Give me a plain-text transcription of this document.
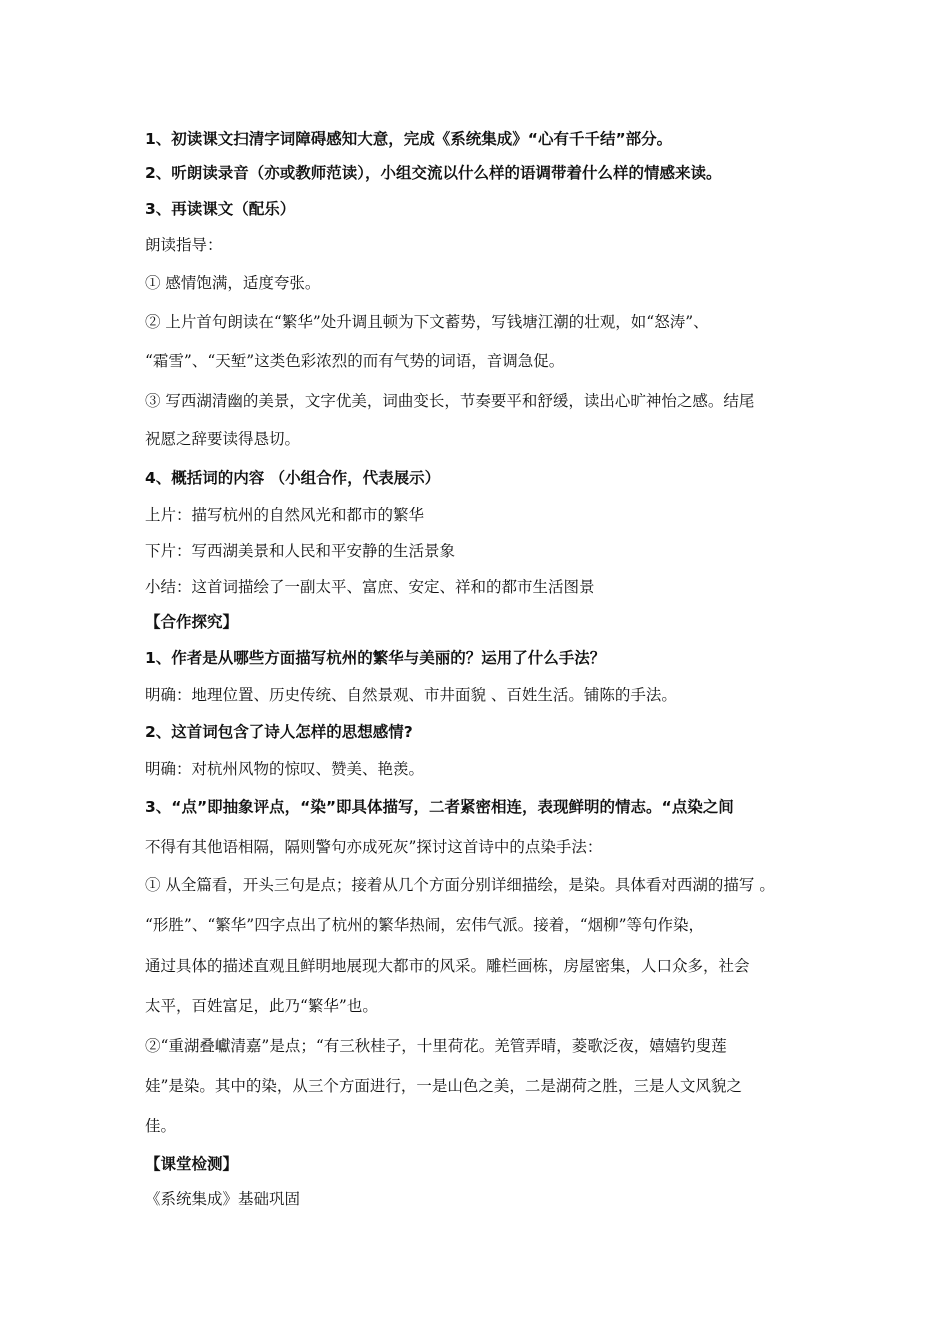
1、初读课文扫清字词障碍感知大意，完成《系统集成》“心有千千结”部分。
2、听朗读录音（亦或教师范读），小组交流以什么样的语调带着什么样的情感来读。
3、再读课文（配乐）
朗读指导：
① 感情饱满，适度夸张。
② 上片首句朗读在“繁华”处升调且顿为下文蓄势，写钱塘江潮的壮观，如“怒涛”、
“霜雪”、“天堑”这类色彩浓烈的而有气势的词语，音调急促。
③ 写西湖清幽的美景，文字优美，词曲变长，节奏要平和舒缓，读出心旷神怡之感。结尾
祝愿之辞要读得恳切。
4、概括词的内容 （小组合作，代表展示）
上片：描写杭州的自然风光和都市的繁华
下片：写西湖美景和人民和平安静的生活景象
小结：这首词描绘了一副太平、富庶、安定、祥和的都市生活图景
【合作探究】
1、作者是从哪些方面描写杭州的繁华与美丽的？运用了什么手法？
明确：地理位置、历史传统、自然景观、市井面貌 、百姓生活。铺陈的手法。
2、这首词包含了诗人怎样的思想感情?
明确：对杭州风物的惊叹、赞美、艳羡。
3、“点”即抽象评点，“染”即具体描写，二者紧密相连，表现鲜明的情志。“点染之间
不得有其他语相隔，隔则警句亦成死灰”探讨这首诗中的点染手法：
① 从全篇看，开头三句是点；接着从几个方面分别详细描绘，是染。具体看对西湖的描写 。
“形胜”、“繁华”四字点出了杭州的繁华热闹，宏伟气派。接着，“烟柳”等句作染，
通过具体的描述直观且鲜明地展现大都市的风采。雕栏画栋，房屋密集，人口众多，社会
太平，百姓富足，此乃“繁华”也。
②“重湖叠巘清嘉”是点；“有三秋桂子，十里荷花。羌管弄晴，菱歌泛夜，嬉嬉钓叟莲
娃”是染。其中的染，从三个方面进行，一是山色之美，二是湖荷之胜，三是人文风貌之
佳。
【课堂检测】
《系统集成》基础巩固
